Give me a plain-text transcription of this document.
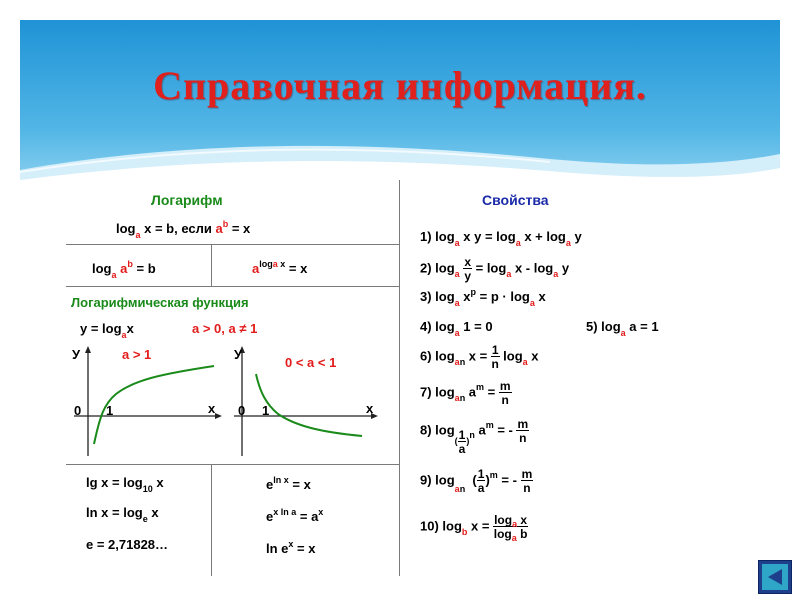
Справочная информация.
Логарифм
$\log_a x = b$, если $a^b = x$
$\log_a a^b = b$	$a^{loga x} = x$
Логарифмическая функция
$y = \log_ax$	a > 0, a ≠ 1
У	a > 1
0 1	x
У
0 < a < 1
0 1	x
$\lg x = \log_{10} x$
$\ln x = \log_e x$
e = 2,71828…
$e^{ln x} = x$
$e^{x ln a} = a^x$
$\ln e^x = x$
Свойства
1) $\log_a x$ $y = \log_a x + \log_a y$
2) $\log_a \frac{x}{y} = \log_a x - \log_a y$
3) $\log_a x^p = p \cdot \log_a x$
4) $\log_a 1 = 0$	5) $\log_a a = 1$
6) $\log_{an} x = \frac{1}{n} \log_a x$
7) $\log_{an} a^m = \frac{m}{n}$
8) $\log_{( \frac{1}{a} )n} a^m$ = - $\frac{m}{n}$
9) $\log_{an}$  ( $\frac{1}{a} )^m$ = - $\frac{m}{n}$
10) $\log_b x = \frac{\log_a x}{\log_a b}$
